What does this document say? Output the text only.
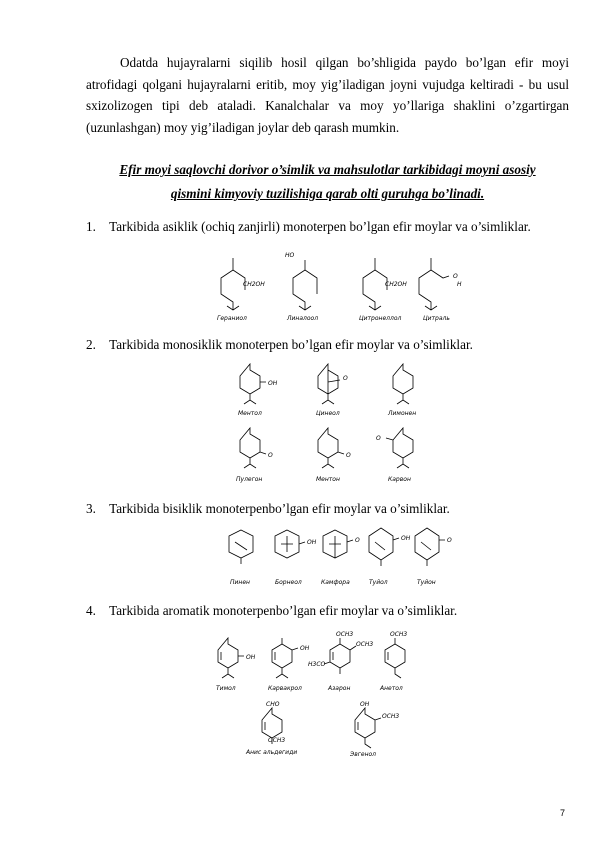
Odatda hujayralarni siqilib hosil qilgan bo’shligida paydo bo’lgan efir moyi atrofidagi qolgani hujayralarni eritib, moy yig’iladigan joyni vujudga keltiradi - bu usul sxizolizogen tipi deb ataladi. Kanalchalar va moy yo’llariga shaklini o’zgartirgan (uzunlashgan) moy yig’iladigan joylar deb qarash mumkin.
Efir moyi saqlovchi dorivor o’simlik va mahsulotlar tarkibidagi moyni asosiy
qismini kimyoviy tuzilishiga qarab olti guruhga bo’linadi.
1. Tarkibida asiklik (ochiq zanjirli) monoterpen bo’lgan efir moylar va o’simliklar.
CH2OH
Гераниол
HO
Линалоол
CH2OH
Цитронеллол
O
H
Цитраль
2. Tarkibida monosiklik monoterpen bo’lgan efir moylar va o’simliklar.
OH
Ментол
O
Цинеол	Лимонен
O
Пулегон
O
Ментон
O
Карвон
3. Tarkibida bisiklik monoterpenbo’lgan efir moylar va o’simliklar.
Пинен
OH
Борнеол
O
Камфора
OH
Туйол
O
Туйон
4. Tarkibida aromatik monoterpenbo’lgan efir moylar va o’simliklar.
OH
Тимол
OH
Карвакрол
OCH3
OCH3
H3CO
Азарон
OCH3
Анетол
CHO
OCH3
Анис альдегиди
OH
OCH3
Эвгенол
7
